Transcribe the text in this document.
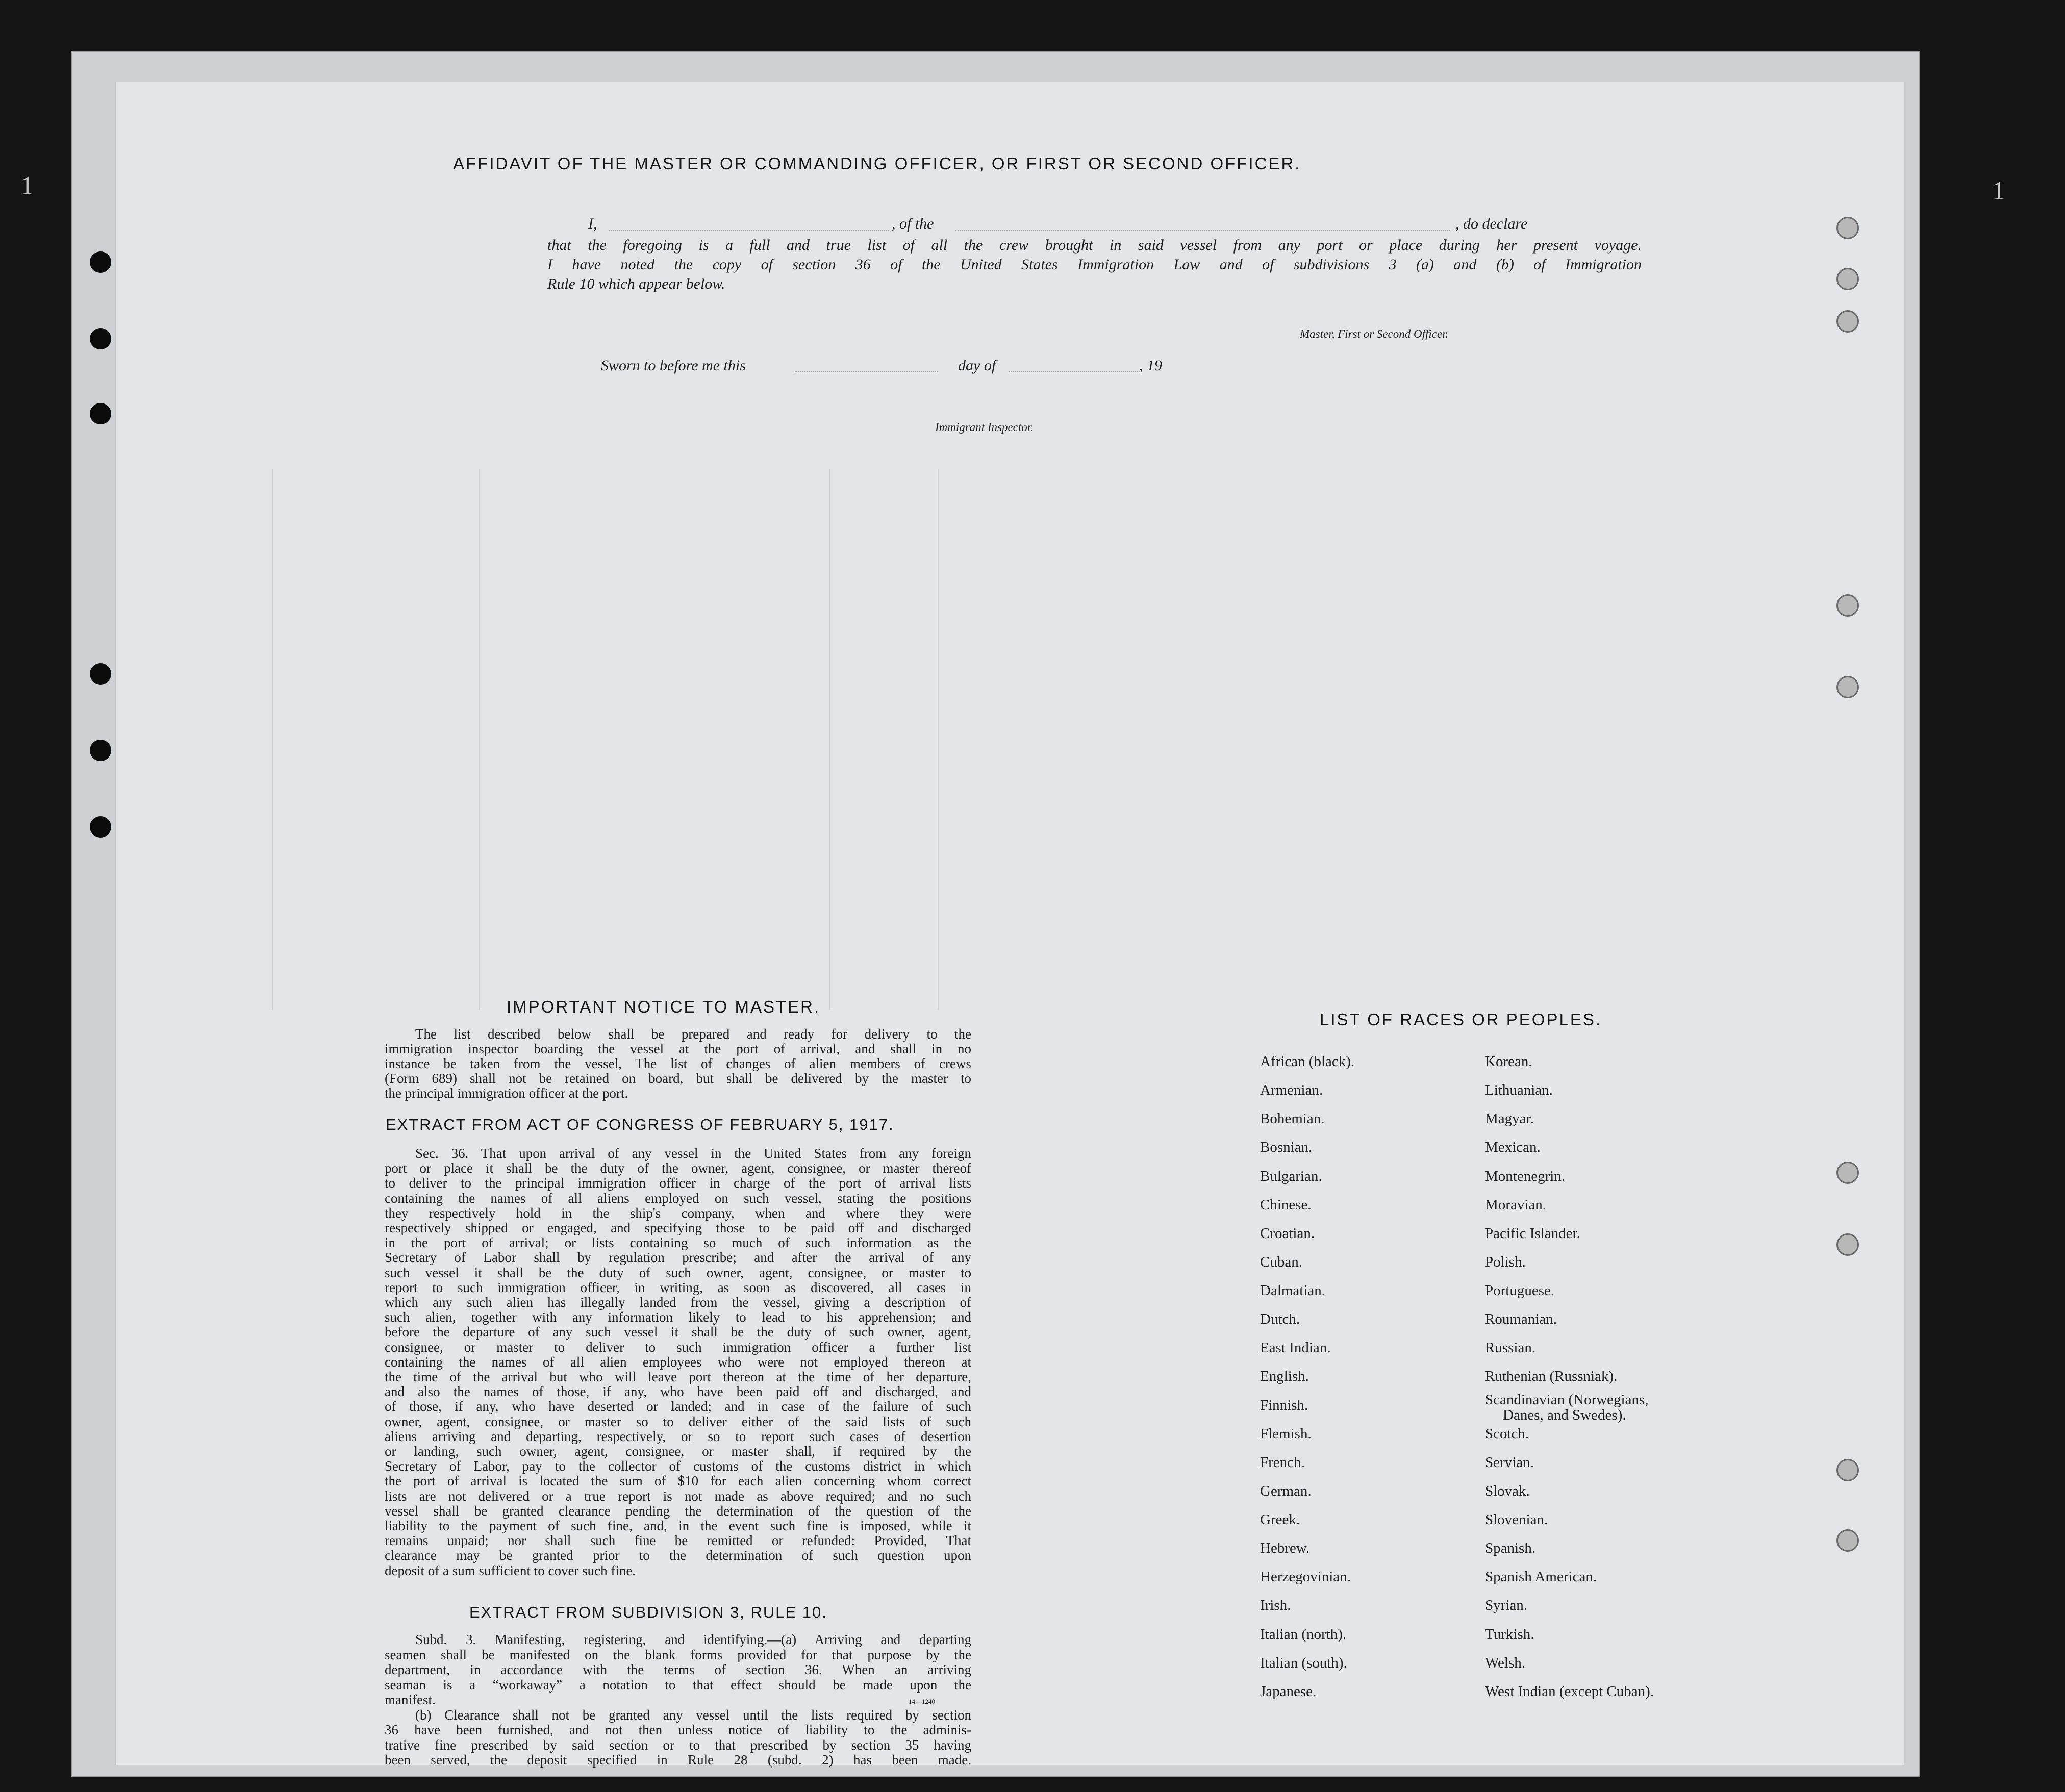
1	1
AFFIDAVIT OF THE MASTER OR COMMANDING OFFICER, OR FIRST OR SECOND OFFICER.
I,	, of the	, do declare
that the foregoing is a full and true list of all the crew brought in said vessel from any port or place during her present voyage.
I have noted the copy of section 36 of the United States Immigration Law and of subdivisions 3 (a) and (b) of Immigration
Rule 10 which appear below.
Master, First or Second Officer.
Sworn to before me this	day of	, 19
Immigrant Inspector.
IMPORTANT NOTICE TO MASTER.

The list described below shall be prepared and ready for delivery to the

immigration inspector boarding the vessel at the port of arrival, and shall in no

instance be taken from the vessel, The list of changes of alien members of crews

(Form 689) shall not be retained on board, but shall be delivered by the master to

the principal immigration officer at the port.

EXTRACT FROM ACT OF CONGRESS OF FEBRUARY 5, 1917.

Sec. 36. That upon arrival of any vessel in the United States from any foreign

port or place it shall be the duty of the owner, agent, consignee, or master thereof

to deliver to the principal immigration officer in charge of the port of arrival lists

containing the names of all aliens employed on such vessel, stating the positions

they respectively hold in the ship's company, when and where they were

respectively shipped or engaged, and specifying those to be paid off and discharged

in the port of arrival; or lists containing so much of such information as the

Secretary of Labor shall by regulation prescribe; and after the arrival of any

such vessel it shall be the duty of such owner, agent, consignee, or master to

report to such immigration officer, in writing, as soon as discovered, all cases in

which any such alien has illegally landed from the vessel, giving a description of

such alien, together with any information likely to lead to his apprehension; and

before the departure of any such vessel it shall be the duty of such owner, agent,

consignee, or master to deliver to such immigration officer a further list

containing the names of all alien employees who were not employed thereon at

the time of the arrival but who will leave port thereon at the time of her departure,

and also the names of those, if any, who have been paid off and discharged, and

of those, if any, who have deserted or landed; and in case of the failure of such

owner, agent, consignee, or master so to deliver either of the said lists of such

aliens arriving and departing, respectively, or so to report such cases of desertion

or landing, such owner, agent, consignee, or master shall, if required by the

Secretary of Labor, pay to the collector of customs of the customs district in which

the port of arrival is located the sum of $10 for each alien concerning whom correct

lists are not delivered or a true report is not made as above required; and no such

vessel shall be granted clearance pending the determination of the question of the

liability to the payment of such fine, and, in the event such fine is imposed, while it

remains unpaid; nor shall such fine be remitted or refunded: Provided, That

clearance may be granted prior to the determination of such question upon

deposit of a sum sufficient to cover such fine.

EXTRACT FROM SUBDIVISION 3, RULE 10.

Subd. 3. Manifesting, registering, and identifying.—(a) Arriving and departing

seamen shall be manifested on the blank forms provided for that purpose by the

department, in accordance with the terms of section 36. When an arriving

seaman is a “workaway” a notation to that effect should be made upon the

manifest.

(b) Clearance shall not be granted any vessel until the lists required by section

36 have been furnished, and not then unless notice of liability to the adminis-

trative fine prescribed by said section or to that prescribed by section 35 having

been served, the deposit specified in Rule 28 (subd. 2) has been made.

14—1240
LIST OF RACES OR PEOPLES.
African (black).
Armenian.
Bohemian.
Bosnian.
Bulgarian.
Chinese.
Croatian.
Cuban.
Dalmatian.
Dutch.
East Indian.
English.
Finnish.
Flemish.
French.
German.
Greek.
Hebrew.
Herzegovinian.
Irish.
Italian (north).
Italian (south).
Japanese.
Korean.
Lithuanian.
Magyar.
Mexican.
Montenegrin.
Moravian.
Pacific Islander.
Polish.
Portuguese.
Roumanian.
Russian.
Ruthenian (Russniak).
Scandinavian (Norwegians,
Danes, and Swedes).
Scotch.
Servian.
Slovak.
Slovenian.
Spanish.
Spanish American.
Syrian.
Turkish.
Welsh.
West Indian (except Cuban).
